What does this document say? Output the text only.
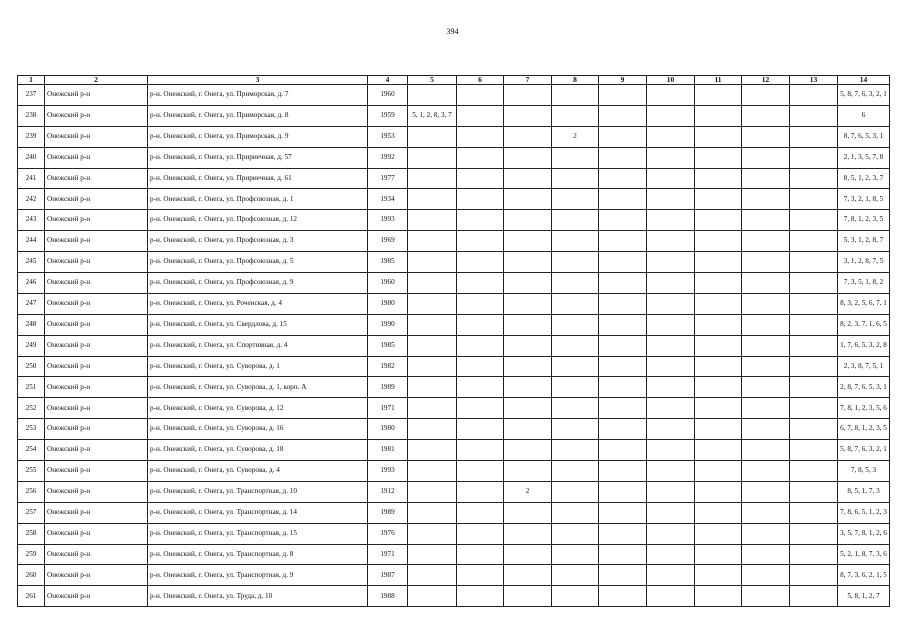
394
1	2	3	4	5	6	7	8	9	10	11	12	13	14
237	Онежский р-н	р-н. Онежский, г. Онега, ул. Приморская, д. 7	1960										5, 8, 7, 6, 3, 2, 1
238	Онежский р-н	р-н. Онежский, г. Онега, ул. Приморская, д. 8	1959	5, 1, 2, 8, 3, 7									6
239	Онежский р-н	р-н. Онежский, г. Онега, ул. Приморская, д. 9	1953				2						8, 7, 6, 5, 3, 1
240	Онежский р-н	р-н. Онежский, г. Онега, ул. Пририечная, д. 57	1992										2, 1, 3, 5, 7, 8
241	Онежский р-н	р-н. Онежский, г. Онега, ул. Пририечная, д. 61	1977										8, 5, 1, 2, 3, 7
242	Онежский р-н	р-н. Онежский, г. Онега, ул. Профсоюзная, д. 1	1934										7, 3, 2, 1, 8, 5
243	Онежский р-н	р-н. Онежский, г. Онега, ул. Профсоюзная, д. 12	1993										7, 8, 1, 2, 3, 5
244	Онежский р-н	р-н. Онежский, г. Онега, ул. Профсоюзная, д. 3	1969										5, 3, 1, 2, 8, 7
245	Онежский р-н	р-н. Онежский, г. Онега, ул. Профсоюзная, д. 5	1985										3, 1, 2, 8, 7, 5
246	Онежский р-н	р-н. Онежский, г. Онега, ул. Профсоюзная, д. 9	1960										7, 3, 5, 1, 8, 2
247	Онежский р-н	р-н. Онежский, г. Онега, ул. Роченская, д. 4	1980										8, 3, 2, 5, 6, 7, 1
248	Онежский р-н	р-н. Онежский, г. Онега, ул. Свердлова, д. 15	1990										8, 2, 3, 7, 1, 6, 5
249	Онежский р-н	р-н. Онежский, г. Онега, ул. Спортивная, д. 4	1985										1, 7, 6, 5, 3, 2, 8
250	Онежский р-н	р-н. Онежский, г. Онега, ул. Суворова, д. 1	1982										2, 3, 8, 7, 5, 1
251	Онежский р-н	р-н. Онежский, г. Онега, ул. Суворова, д. 1, корп. А	1989										2, 8, 7, 6, 5, 3, 1
252	Онежский р-н	р-н. Онежский, г. Онега, ул. Суворова, д. 12	1971										7, 8, 1, 2, 3, 5, 6
253	Онежский р-н	р-н. Онежский, г. Онега, ул. Суворова, д. 16	1980										6, 7, 8, 1, 2, 3, 5
254	Онежский р-н	р-н. Онежский, г. Онега, ул. Суворова, д. 18	1981										5, 8, 7, 6, 3, 2, 1
255	Онежский р-н	р-н. Онежский, г. Онега, ул. Суворова, д. 4	1993										7, 8, 5, 3
256	Онежский р-н	р-н. Онежский, г. Онега, ул. Транспортная, д. 10	1912			2							8, 5, 1, 7, 3
257	Онежский р-н	р-н. Онежский, г. Онега, ул. Транспортная, д. 14	1989										7, 8, 6, 5, 1, 2, 3
258	Онежский р-н	р-н. Онежский, г. Онега, ул. Транспортная, д. 15	1976										3, 5, 7, 8, 1, 2, 6
259	Онежский р-н	р-н. Онежский, г. Онега, ул. Транспортная, д. 8	1971										5, 2, 1, 8, 7, 3, 6
260	Онежский р-н	р-н. Онежский, г. Онега, ул. Транспортная, д. 9	1987										8, 7, 3, 6, 2, 1, 5
261	Онежский р-н	р-н. Онежский, г. Онега, ул. Труда, д. 10	1988										5, 8, 1, 2, 7
